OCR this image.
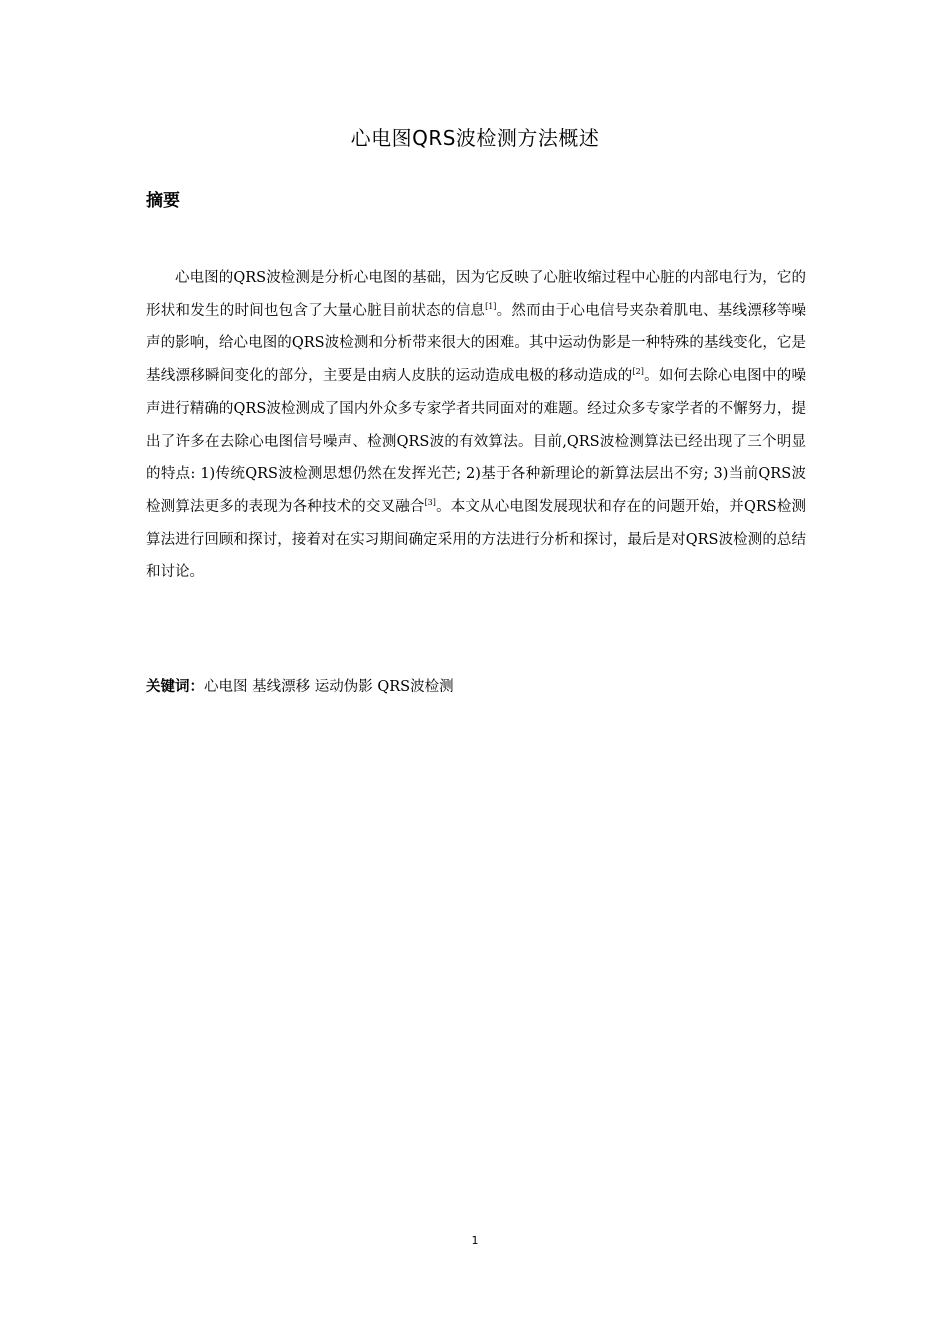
心电图QRS波检测方法概述
摘要

心电图的QRS波检测是分析心电图的基础，因为它反映了心脏收缩过程中心脏的内部电行为，它的形状和发生的时间也包含了大量心脏目前状态的信息[1]。然而由于心电信号夹杂着肌电、基线漂移等噪声的影响，给心电图的QRS波检测和分析带来很大的困难。其中运动伪影是一种特殊的基线变化，它是基线漂移瞬间变化的部分，主要是由病人皮肤的运动造成电极的移动造成的[2]。如何去除心电图中的噪声进行精确的QRS波检测成了国内外众多专家学者共同面对的难题。经过众多专家学者的不懈努力，提出了许多在去除心电图信号噪声、检测QRS波的有效算法。目前,QRS波检测算法已经出现了三个明显的特点: 1)传统QRS波检测思想仍然在发挥光芒; 2)基于各种新理论的新算法层出不穷; 3)当前QRS波检测算法更多的表现为各种技术的交叉融合[3]。本文从心电图发展现状和存在的问题开始，并QRS检测算法进行回顾和探讨，接着对在实习期间确定采用的方法进行分析和探讨，最后是对QRS波检测的总结和讨论。

关键词：心电图 基线漂移 运动伪影 QRS波检测
1
